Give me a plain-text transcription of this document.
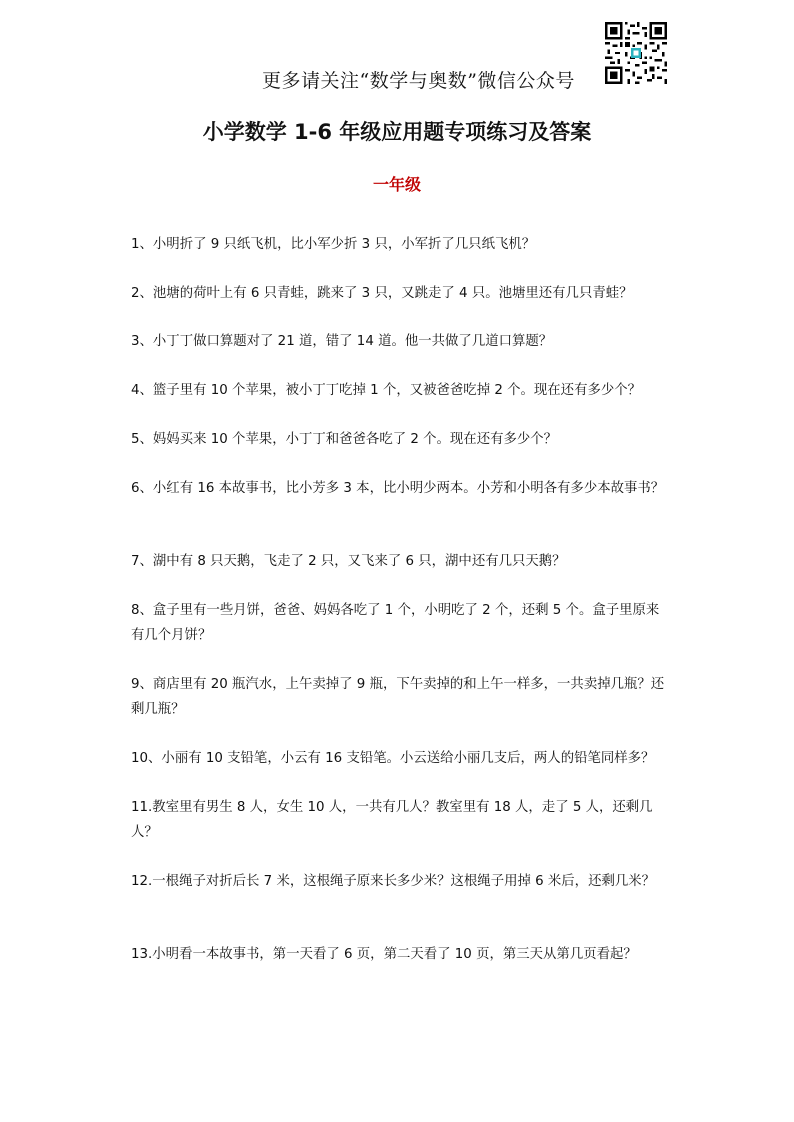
更多请关注“数学与奥数”微信公众号
小学数学 1-6 年级应用题专项练习及答案
一年级

1、小明折了 9 只纸飞机，比小军少折 3 只，小军折了几只纸飞机？

2、池塘的荷叶上有 6 只青蛙，跳来了 3 只，又跳走了 4 只。池塘里还有几只青蛙？

3、小丁丁做口算题对了 21 道，错了 14 道。他一共做了几道口算题？

4、篮子里有 10 个苹果，被小丁丁吃掉 1 个，又被爸爸吃掉 2 个。现在还有多少个？

5、妈妈买来 10 个苹果，小丁丁和爸爸各吃了 2 个。现在还有多少个？

6、小红有 16 本故事书，比小芳多 3 本，比小明少两本。小芳和小明各有多少本故事书？

7、湖中有 8 只天鹅，飞走了 2 只，又飞来了 6 只，湖中还有几只天鹅？

8、盒子里有一些月饼，爸爸、妈妈各吃了 1 个，小明吃了 2 个，还剩 5 个。盒子里原来有几个月饼？

9、商店里有 20 瓶汽水，上午卖掉了 9 瓶，下午卖掉的和上午一样多，一共卖掉几瓶？还剩几瓶？

10、小丽有 10 支铅笔，小云有 16 支铅笔。小云送给小丽几支后，两人的铅笔同样多？

11.教室里有男生 8 人，女生 10 人，一共有几人？教室里有 18 人，走了 5 人，还剩几人？

12.一根绳子对折后长 7 米，这根绳子原来长多少米？这根绳子用掉 6 米后，还剩几米？

13.小明看一本故事书，第一天看了 6 页，第二天看了 10 页，第三天从第几页看起？
